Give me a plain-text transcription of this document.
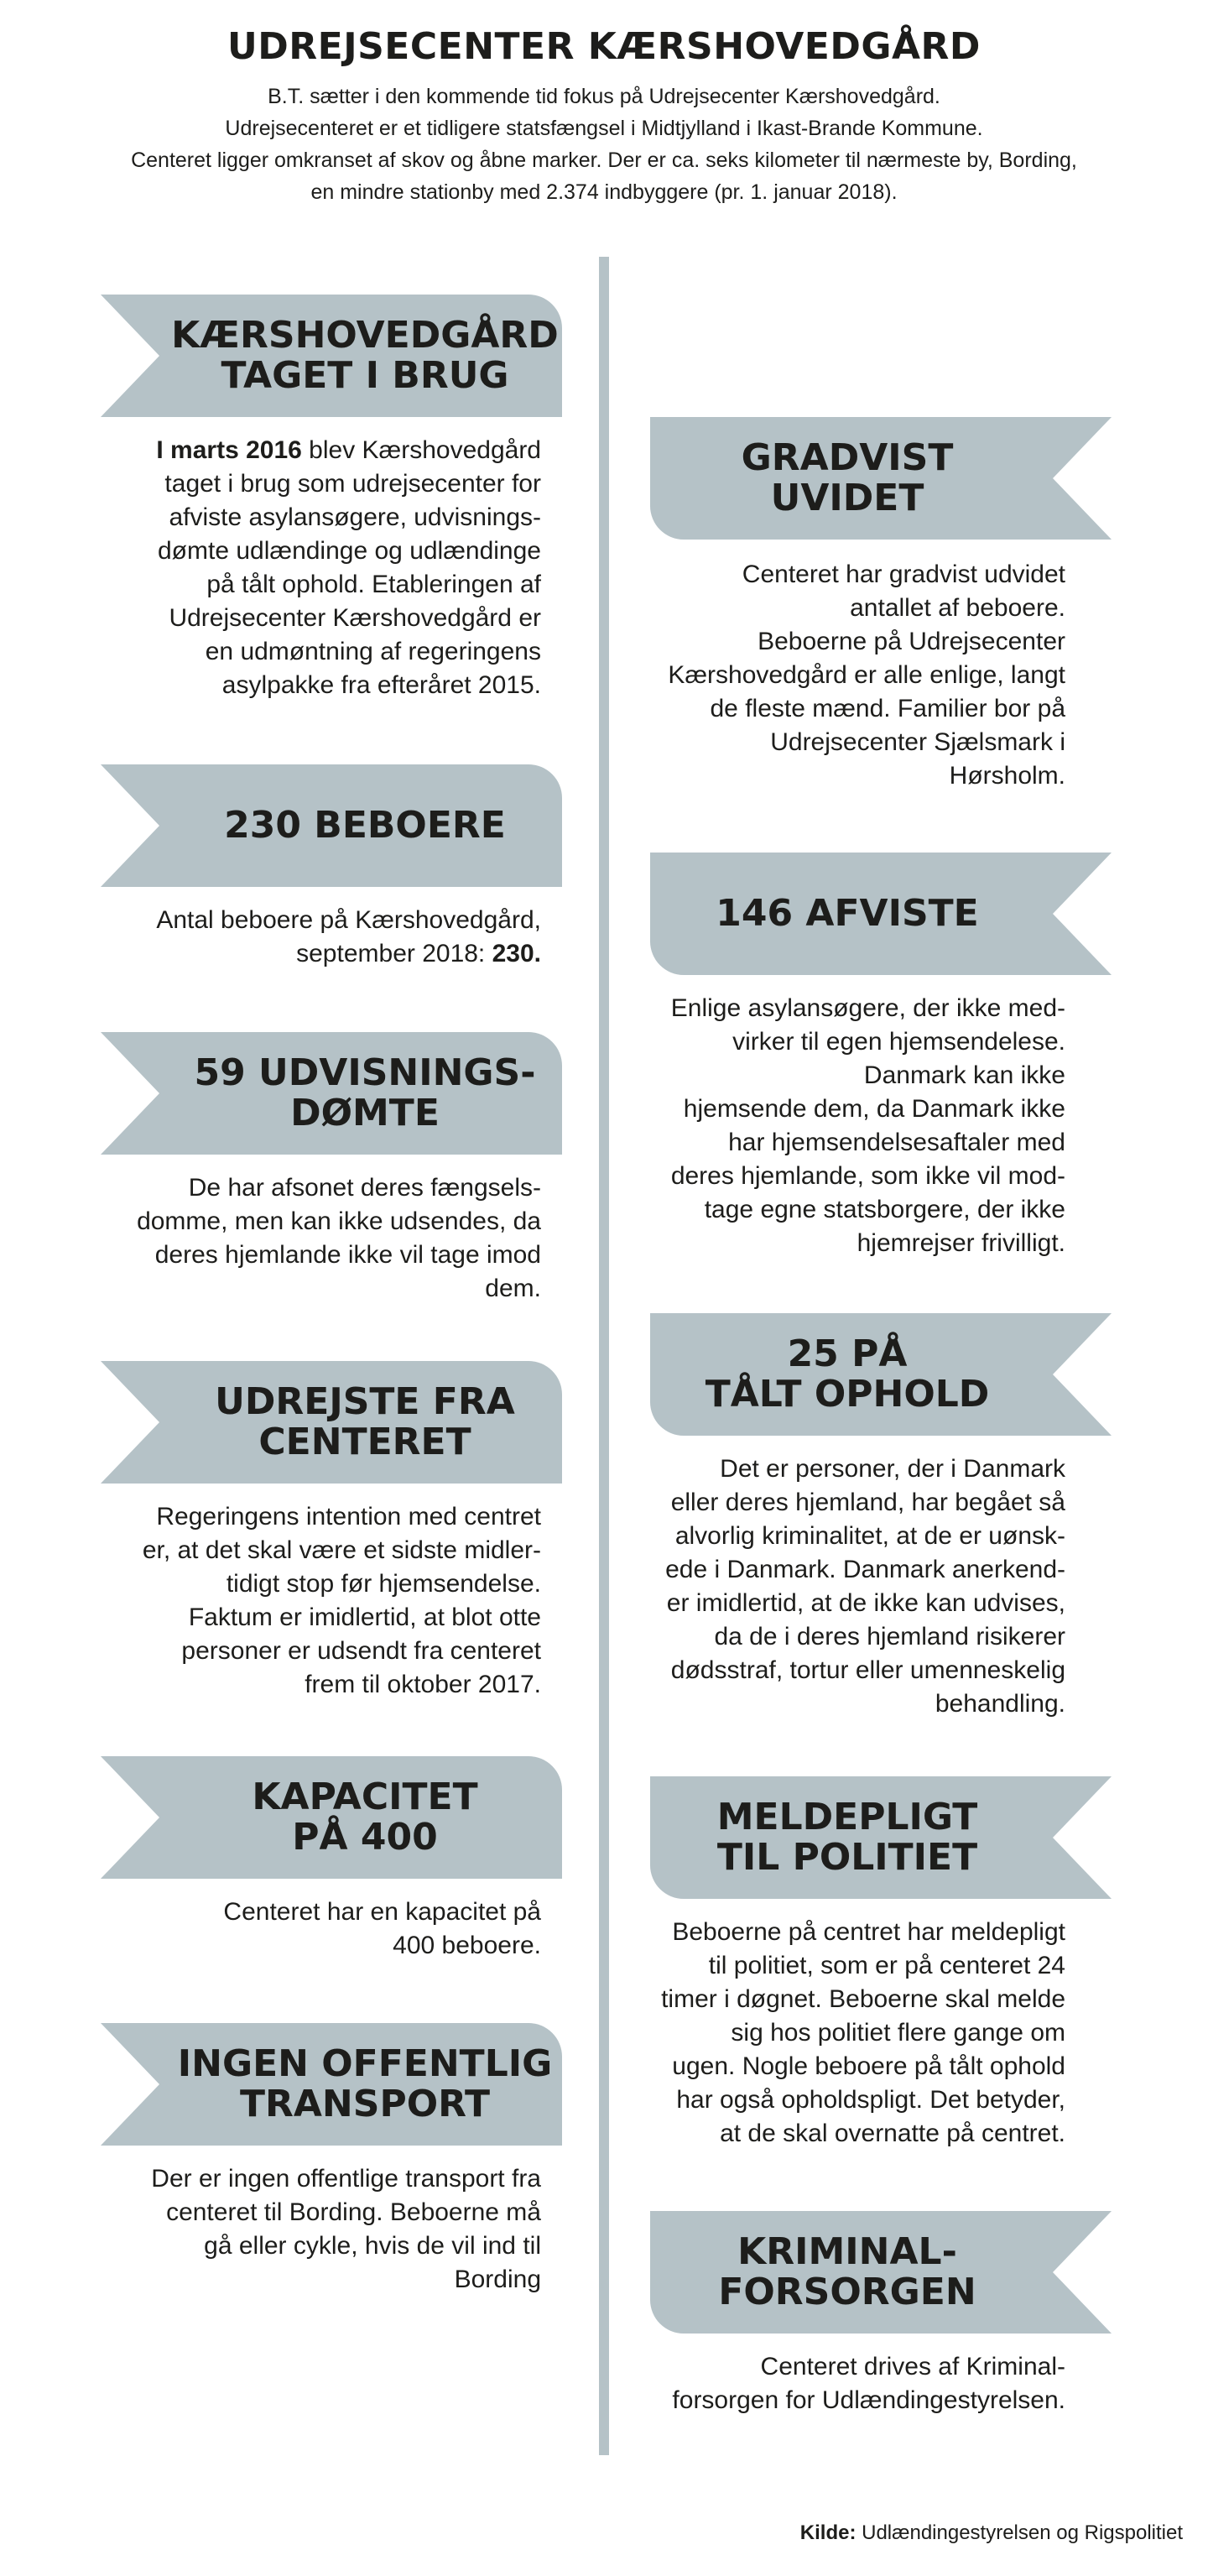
UDREJSECENTER KÆRSHOVEDGÅRD
B.T. sætter i den kommende tid fokus på Udrejsecenter Kærshovedgård.
Udrejsecenteret er et tidligere statsfængsel i Midtjylland i Ikast-Brande Kommune.
Centeret ligger omkranset af skov og åbne marker. Der er ca. seks kilometer til nærmeste by, Bording,
en mindre stationby med 2.374 indbyggere (pr. 1. januar 2018).
KÆRSHOVEDGÅRD
TAGET I BRUG
I marts 2016 blev Kærshovedgård
taget i brug som udrejsecenter for
afviste asylansøgere, udvisnings-
dømte udlændinge og udlændinge
på tålt ophold. Etableringen af
Udrejsecenter Kærshovedgård er
en udmøntning af regeringens
asylpakke fra efteråret 2015.
230 BEBOERE
Antal beboere på Kærshovedgård,
september 2018: 230.
59 UDVISNINGS-
DØMTE
De har afsonet deres fængsels-
domme, men kan ikke udsendes, da
deres hjemlande ikke vil tage imod
dem.
UDREJSTE FRA
CENTERET
Regeringens intention med centret
er, at det skal være et sidste midler-
tidigt stop før hjemsendelse.
Faktum er imidlertid, at blot otte
personer er udsendt fra centeret
frem til oktober 2017.
KAPACITET
PÅ 400
Centeret har en kapacitet på
400 beboere.
INGEN OFFENTLIG
TRANSPORT
Der er ingen offentlige transport fra
centeret til Bording. Beboerne må
gå eller cykle, hvis de vil ind til
Bording
GRADVIST UVIDET
Centeret har gradvist udvidet
antallet af beboere.
Beboerne på Udrejsecenter
Kærshovedgård er alle enlige, langt
de fleste mænd. Familier bor på
Udrejsecenter Sjælsmark i
Hørsholm.
146 AFVISTE
Enlige asylansøgere, der ikke med-
virker til egen hjemsendelese.
Danmark kan ikke
hjemsende dem, da Danmark ikke
har hjemsendelsesaftaler med
deres hjemlande, som ikke vil mod-
tage egne statsborgere, der ikke
hjemrejser frivilligt.
25 PÅ
TÅLT OPHOLD
Det er personer, der i Danmark
eller deres hjemland, har begået så
alvorlig kriminalitet, at de er uønsk-
ede i Danmark. Danmark anerkend-
er imidlertid, at de ikke kan udvises,
da de i deres hjemland risikerer
dødsstraf, tortur eller umenneskelig
behandling.
MELDEPLIGT
TIL POLITIET
Beboerne på centret har meldepligt
til politiet, som er på centeret 24
timer i døgnet. Beboerne skal melde
sig hos politiet flere gange om
ugen. Nogle beboere på tålt ophold
har også opholdspligt. Det betyder,
at de skal overnatte på centret.
KRIMINAL-
FORSORGEN
Centeret drives af Kriminal-
forsorgen for Udlændingestyrelsen.
Kilde: Udlændingestyrelsen og Rigspolitiet
